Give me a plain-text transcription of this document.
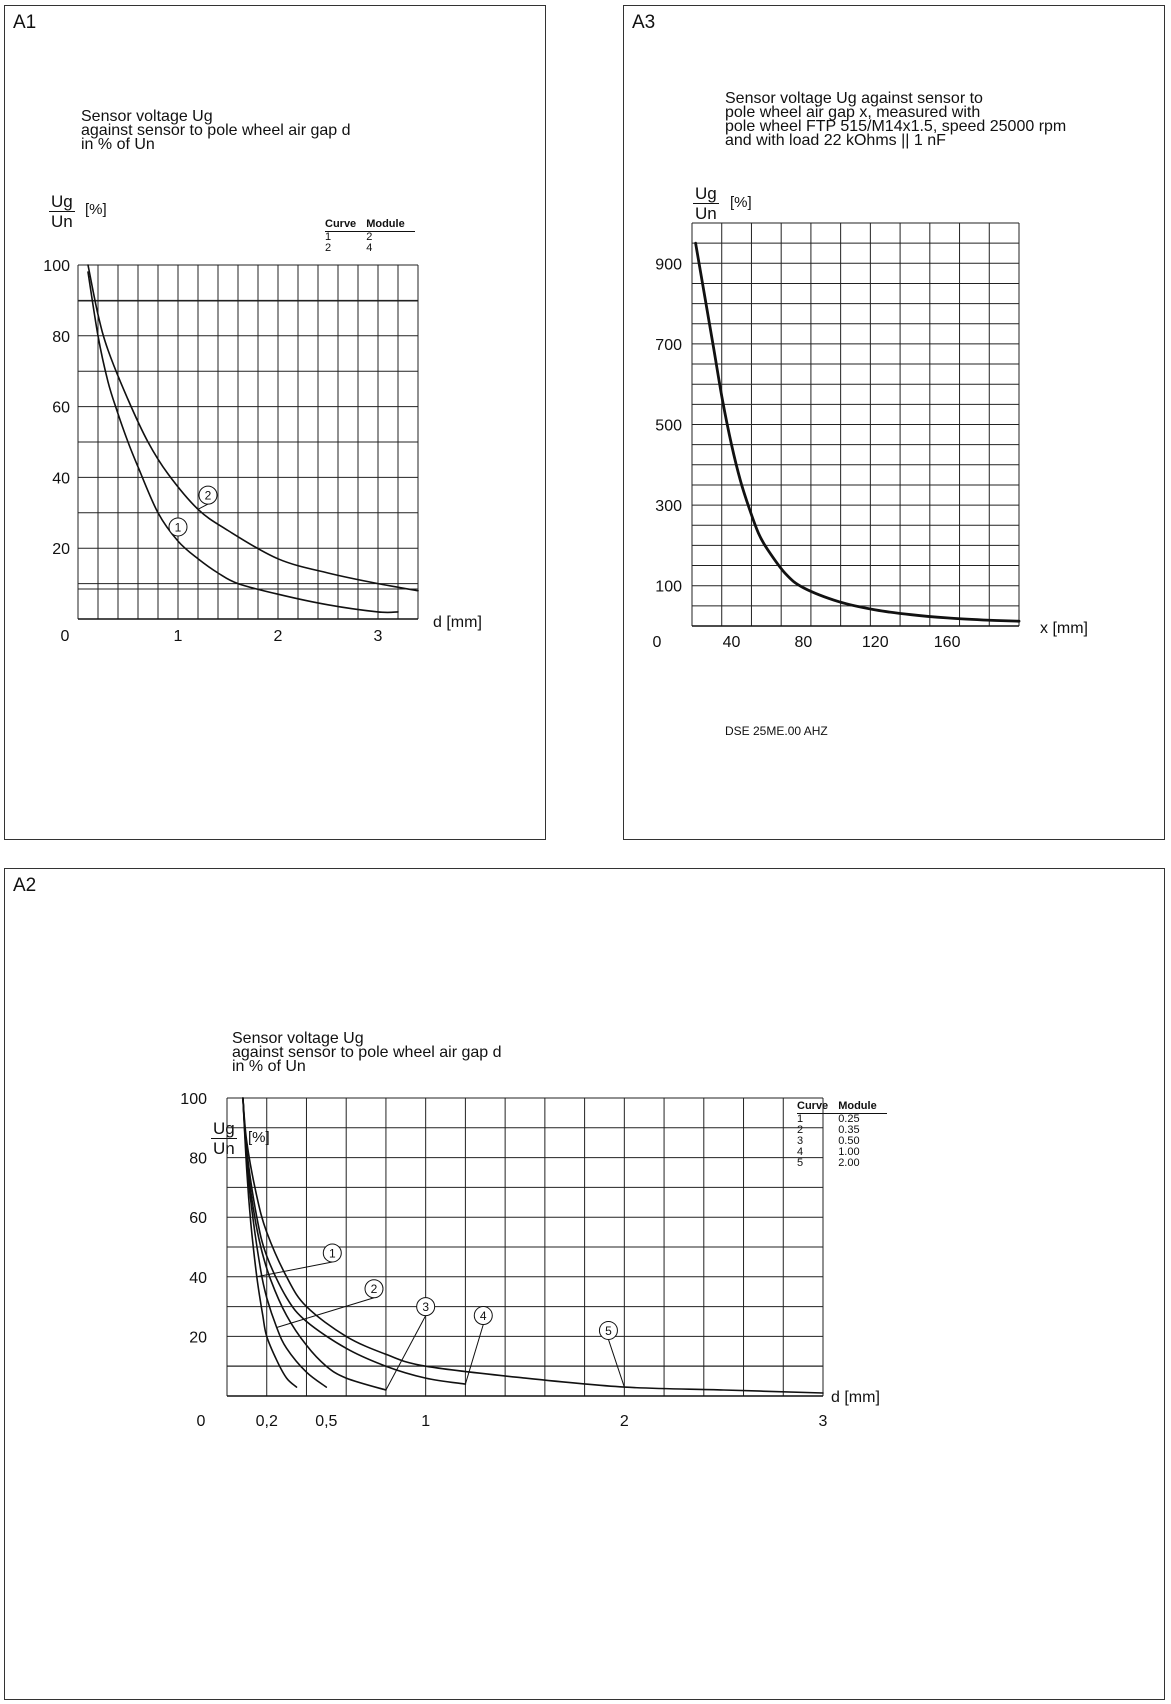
A1
Sensor voltage Ug
against sensor to pole wheel air gap d
in % of Un
$\frac{Ug}{Un}$ [%]
Curve	Module
1	2
2	4
20
40
60
80
100
1	2	3
0
d [mm]
1
2
A3
Sensor voltage Ug against sensor to
pole wheel air gap x, measured with
pole wheel FTP 515/M14x1.5, speed 25000 rpm
and with load 22 kOhms || 1 nF
$\frac{Ug}{Un}$ [%]
DSE 25ME.00 AHZ
100
300
500
700
900
40	80	120	160
0
x [mm]
A2
Sensor voltage Ug
against sensor to pole wheel air gap d
in % of Un
$\frac{Ug}{Un}$ [%]
Curve	Module
1	0.25
2	0.35
3	0.50
4	1.00
5	2.00
20
40
60
80
100
0,2 0,5	1	2	3
0
d [mm]
1
2
3
4
5
